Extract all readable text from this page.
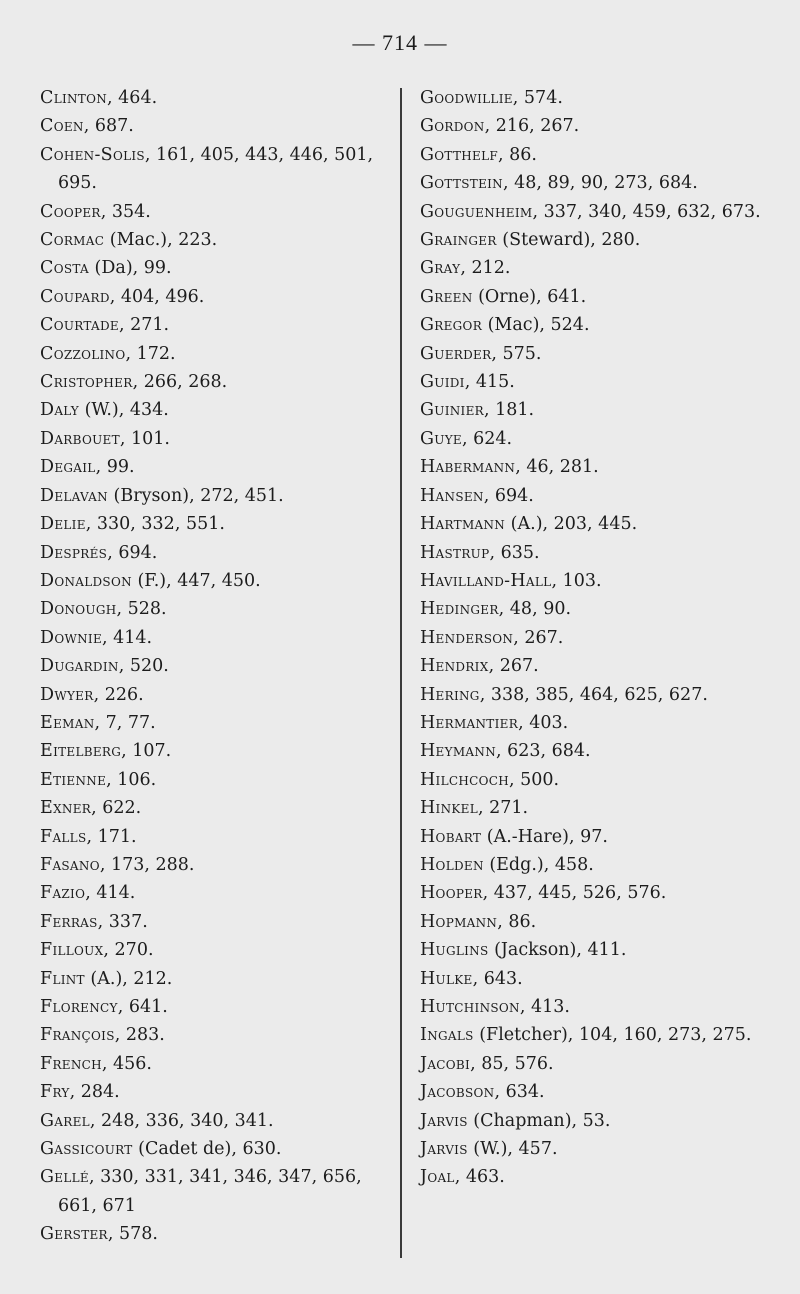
— 714 —
Clinton, 464.
Coen, 687.
Cohen-Solis, 161, 405, 443, 446, 501, 695.
Cooper, 354.
Cormac (Mac.), 223.
Costa (Da), 99.
Coupard, 404, 496.
Courtade, 271.
Cozzolino, 172.
Cristopher, 266, 268.
Daly (W.), 434.
Darbouet, 101.
Degail, 99.
Delavan (Bryson), 272, 451.
Delie, 330, 332, 551.
Després, 694.
Donaldson (F.), 447, 450.
Donough, 528.
Downie, 414.
Dugardin, 520.
Dwyer, 226.
Eeman, 7, 77.
Eitelberg, 107.
Etienne, 106.
Exner, 622.
Falls, 171.
Fasano, 173, 288.
Fazio, 414.
Ferras, 337.
Filloux, 270.
Flint (A.), 212.
Florency, 641.
François, 283.
French, 456.
Fry, 284.
Garel, 248, 336, 340, 341.
Gassicourt (Cadet de), 630.
Gellé, 330, 331, 341, 346, 347, 656, 661, 671
Gerster, 578.
Goodwillie, 574.
Gordon, 216, 267.
Gotthelf, 86.
Gottstein, 48, 89, 90, 273, 684.
Gouguenheim, 337, 340, 459, 632, 673.
Grainger (Steward), 280.
Gray, 212.
Green (Orne), 641.
Gregor (Mac), 524.
Guerder, 575.
Guidi, 415.
Guinier, 181.
Guye, 624.
Habermann, 46, 281.
Hansen, 694.
Hartmann (A.), 203, 445.
Hastrup, 635.
Havilland-Hall, 103.
Hedinger, 48, 90.
Henderson, 267.
Hendrix, 267.
Hering, 338, 385, 464, 625, 627.
Hermantier, 403.
Heymann, 623, 684.
Hilchcoch, 500.
Hinkel, 271.
Hobart (A.-Hare), 97.
Holden (Edg.), 458.
Hooper, 437, 445, 526, 576.
Hopmann, 86.
Huglins (Jackson), 411.
Hulke, 643.
Hutchinson, 413.
Ingals (Fletcher), 104, 160, 273, 275.
Jacobi, 85, 576.
Jacobson, 634.
Jarvis (Chapman), 53.
Jarvis (W.), 457.
Joal, 463.
